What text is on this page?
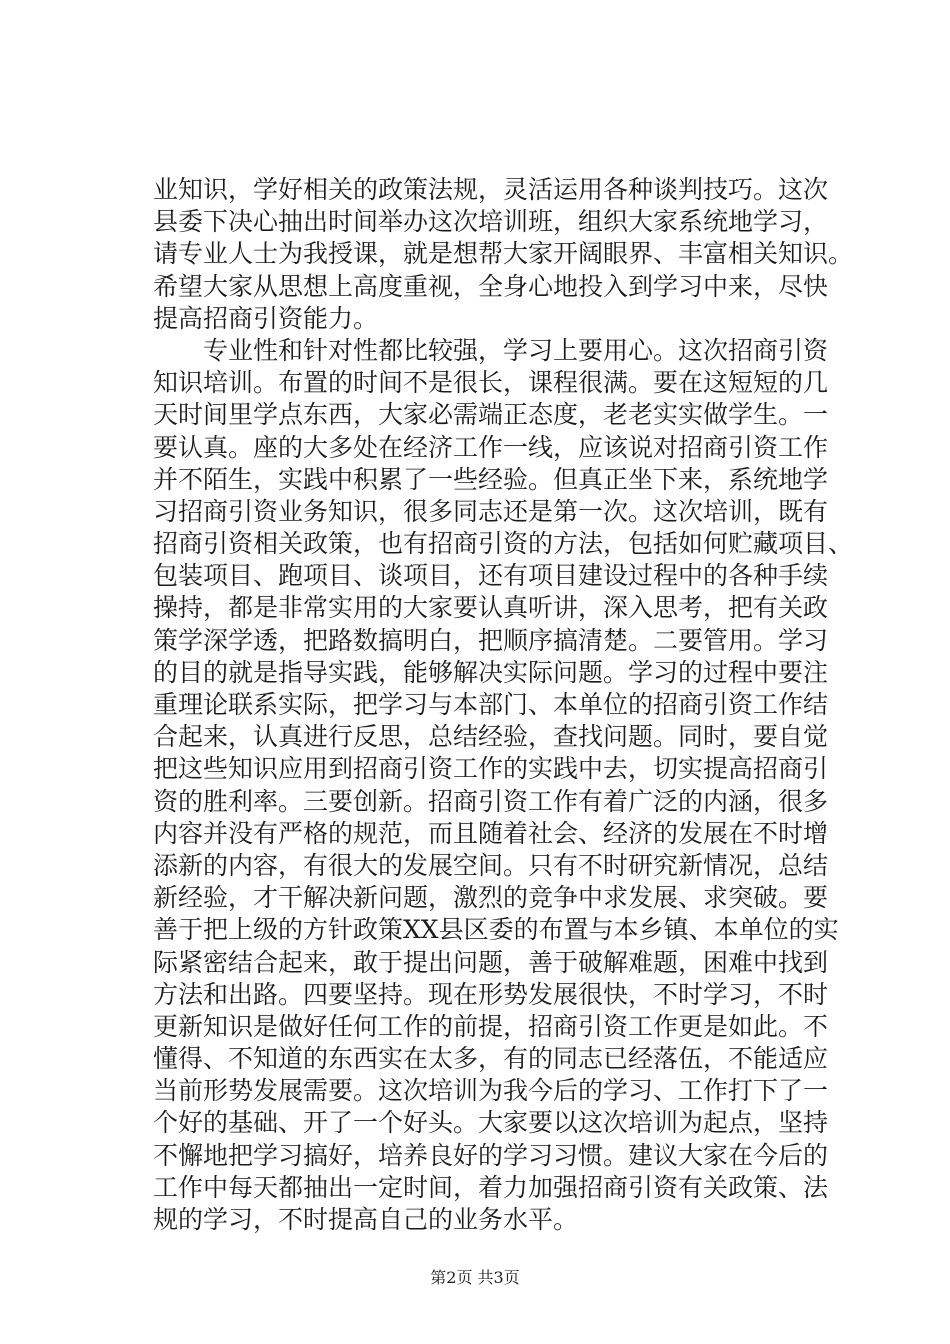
业知识，学好相关的政策法规，灵活运用各种谈判技巧。这次
县委下决心抽出时间举办这次培训班，组织大家系统地学习，
请专业人士为我授课，就是想帮大家开阔眼界、丰富相关知识。
希望大家从思想上高度重视，全身心地投入到学习中来，尽快
提高招商引资能力。
　　专业性和针对性都比较强，学习上要用心。这次招商引资
知识培训。布置的时间不是很长，课程很满。要在这短短的几
天时间里学点东西，大家必需端正态度，老老实实做学生。一
要认真。座的大多处在经济工作一线，应该说对招商引资工作
并不陌生，实践中积累了一些经验。但真正坐下来，系统地学
习招商引资业务知识，很多同志还是第一次。这次培训，既有
招商引资相关政策，也有招商引资的方法，包括如何贮藏项目、
包装项目、跑项目、谈项目，还有项目建设过程中的各种手续
操持，都是非常实用的大家要认真听讲，深入思考，把有关政
策学深学透，把路数搞明白，把顺序搞清楚。二要管用。学习
的目的就是指导实践，能够解决实际问题。学习的过程中要注
重理论联系实际，把学习与本部门、本单位的招商引资工作结
合起来，认真进行反思，总结经验，查找问题。同时，要自觉
把这些知识应用到招商引资工作的实践中去，切实提高招商引
资的胜利率。三要创新。招商引资工作有着广泛的内涵，很多
内容并没有严格的规范，而且随着社会、经济的发展在不时增
添新的内容，有很大的发展空间。只有不时研究新情况，总结
新经验，才干解决新问题，激烈的竞争中求发展、求突破。要
善于把上级的方针政策XX县区委的布置与本乡镇、本单位的实
际紧密结合起来，敢于提出问题，善于破解难题，困难中找到
方法和出路。四要坚持。现在形势发展很快，不时学习，不时
更新知识是做好任何工作的前提，招商引资工作更是如此。不
懂得、不知道的东西实在太多，有的同志已经落伍，不能适应
当前形势发展需要。这次培训为我今后的学习、工作打下了一
个好的基础、开了一个好头。大家要以这次培训为起点，坚持
不懈地把学习搞好，培养良好的学习习惯。建议大家在今后的
工作中每天都抽出一定时间，着力加强招商引资有关政策、法
规的学习，不时提高自己的业务水平。
第2页 共3页
